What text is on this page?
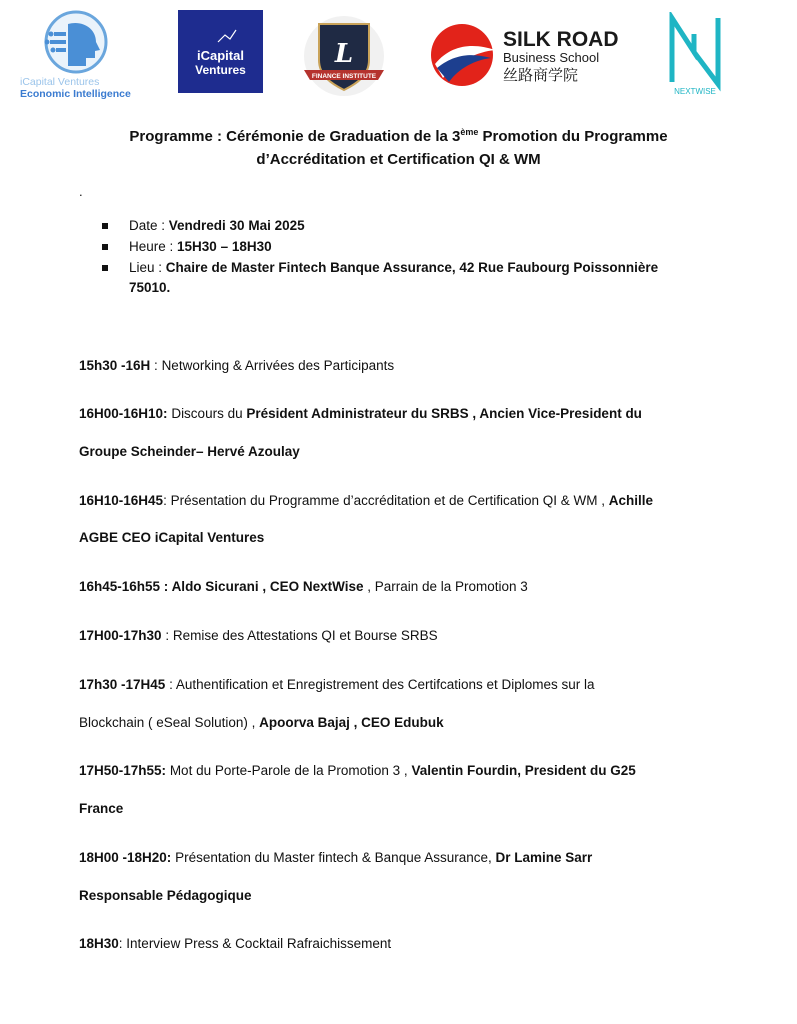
iCapital Ventures
Economic Intelligence
iCapital
Ventures
L
FINANCE INSTITUTE
SILK ROAD
Business School
丝路商学院
NEXTWISE
Programme : Cérémonie de Graduation de la 3ème Promotion du Programme
d’Accréditation et Certification QI & WM
.
Date : Vendredi 30 Mai 2025
Heure : 15H30 – 18H30
Lieu : Chaire de Master Fintech Banque Assurance, 42 Rue Faubourg Poissonnière
75010.
15h30 -16H : Networking & Arrivées des Participants
16H00-16H10: Discours du Président Administrateur du SRBS , Ancien Vice-President du
Groupe Scheinder– Hervé Azoulay
16H10-16H45: Présentation du Programme d’accréditation et de Certification QI & WM , Achille
AGBE CEO iCapital Ventures
16h45-16h55 : Aldo Sicurani , CEO NextWise , Parrain de la Promotion 3
17H00-17h30 : Remise des Attestations QI et Bourse SRBS
17h30 -17H45 : Authentification et Enregistrement des Certifcations et Diplomes sur la
Blockchain ( eSeal Solution) , Apoorva Bajaj , CEO Edubuk
17H50-17h55: Mot du Porte-Parole de la Promotion 3 , Valentin Fourdin, President du G25
France
18H00 -18H20: Présentation du Master fintech & Banque Assurance, Dr Lamine Sarr
Responsable Pédagogique
18H30: Interview Press & Cocktail Rafraichissement
